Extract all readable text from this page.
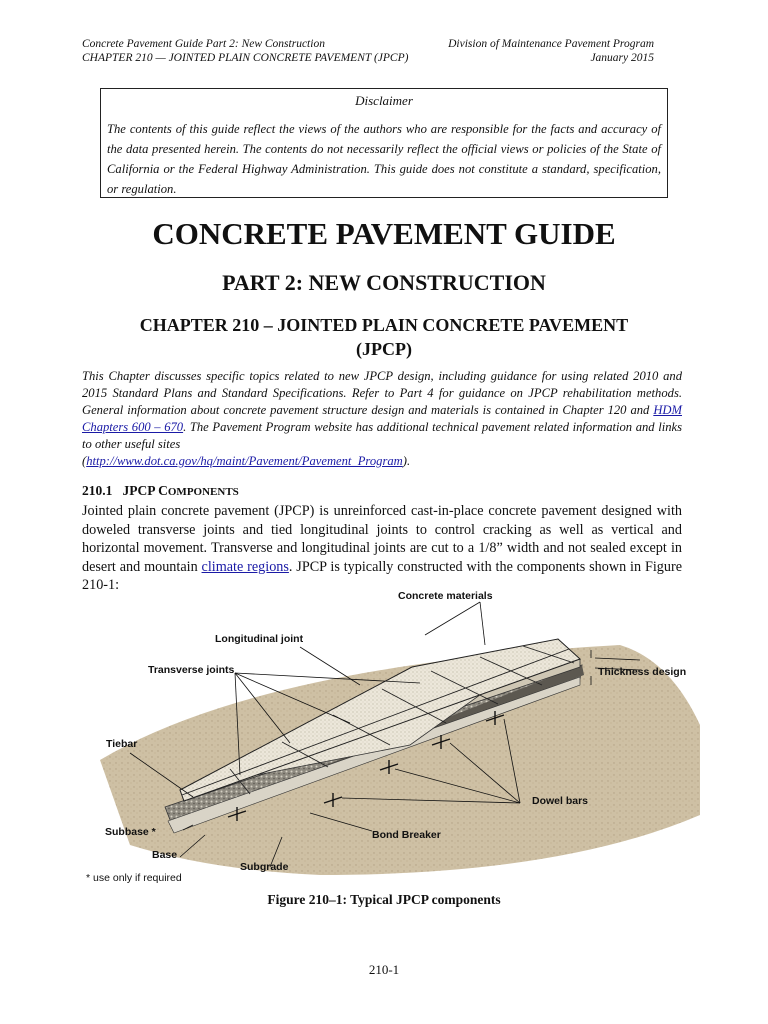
Concrete Pavement Guide Part 2: New Construction	Division of Maintenance Pavement Program
CHAPTER 210 — JOINTED PLAIN CONCRETE PAVEMENT (JPCP)	January 2015
Disclaimer
The contents of this guide reflect the views of the authors who are responsible for the facts and accuracy of the data presented herein. The contents do not necessarily reflect the official views or policies of the State of California or the Federal Highway Administration. This guide does not constitute a standard, specification, or regulation.
CONCRETE PAVEMENT GUIDE
PART 2: NEW CONSTRUCTION
CHAPTER 210 – JOINTED PLAIN CONCRETE PAVEMENT
(JPCP)
This Chapter discusses specific topics related to new JPCP design, including guidance for using related 2010 and 2015 Standard Plans and Standard Specifications. Refer to Part 4 for guidance on JPCP rehabilitation methods. General information about concrete pavement structure design and materials is contained in Chapter 120 and HDM Chapters 600 – 670. The Pavement Program website has additional technical pavement related information and links to other useful sites
(http://www.dot.ca.gov/hq/maint/Pavement/Pavement_Program).
210.1 JPCP COMPONENTS
Jointed plain concrete pavement (JPCP) is unreinforced cast-in-place concrete pavement designed with doweled transverse joints and tied longitudinal joints to control cracking as well as vertical and horizontal movement. Transverse and longitudinal joints are cut to a 1/8” width and not sealed except in desert and mountain climate regions. JPCP is typically constructed with the components shown in Figure 210-1:
Concrete materials
Longitudinal joint
Transverse joints	Thickness design
Tiebar
Dowel bars
Subbase *	Bond Breaker
Base
Subgrade
* use only if required
Figure 210–1: Typical JPCP components
210-1
